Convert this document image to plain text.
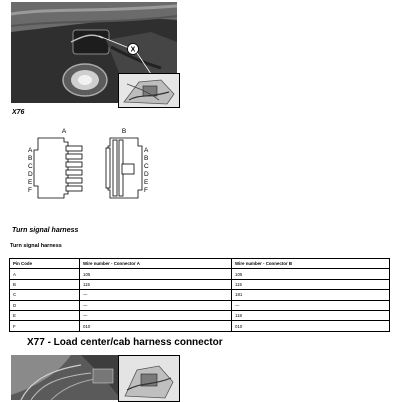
X
X76
A	B
A
B
C
D
E
F
A
B
C
D
E
F
Turn signal harness
Turn signal harness
Pin Code	Wire number - Connector A	Wire number - Connector B
A	105	105
B	115	115
C	—	181
D	—	—
E	—	118
F	010	010
X77 - Load center/cab harness connector
